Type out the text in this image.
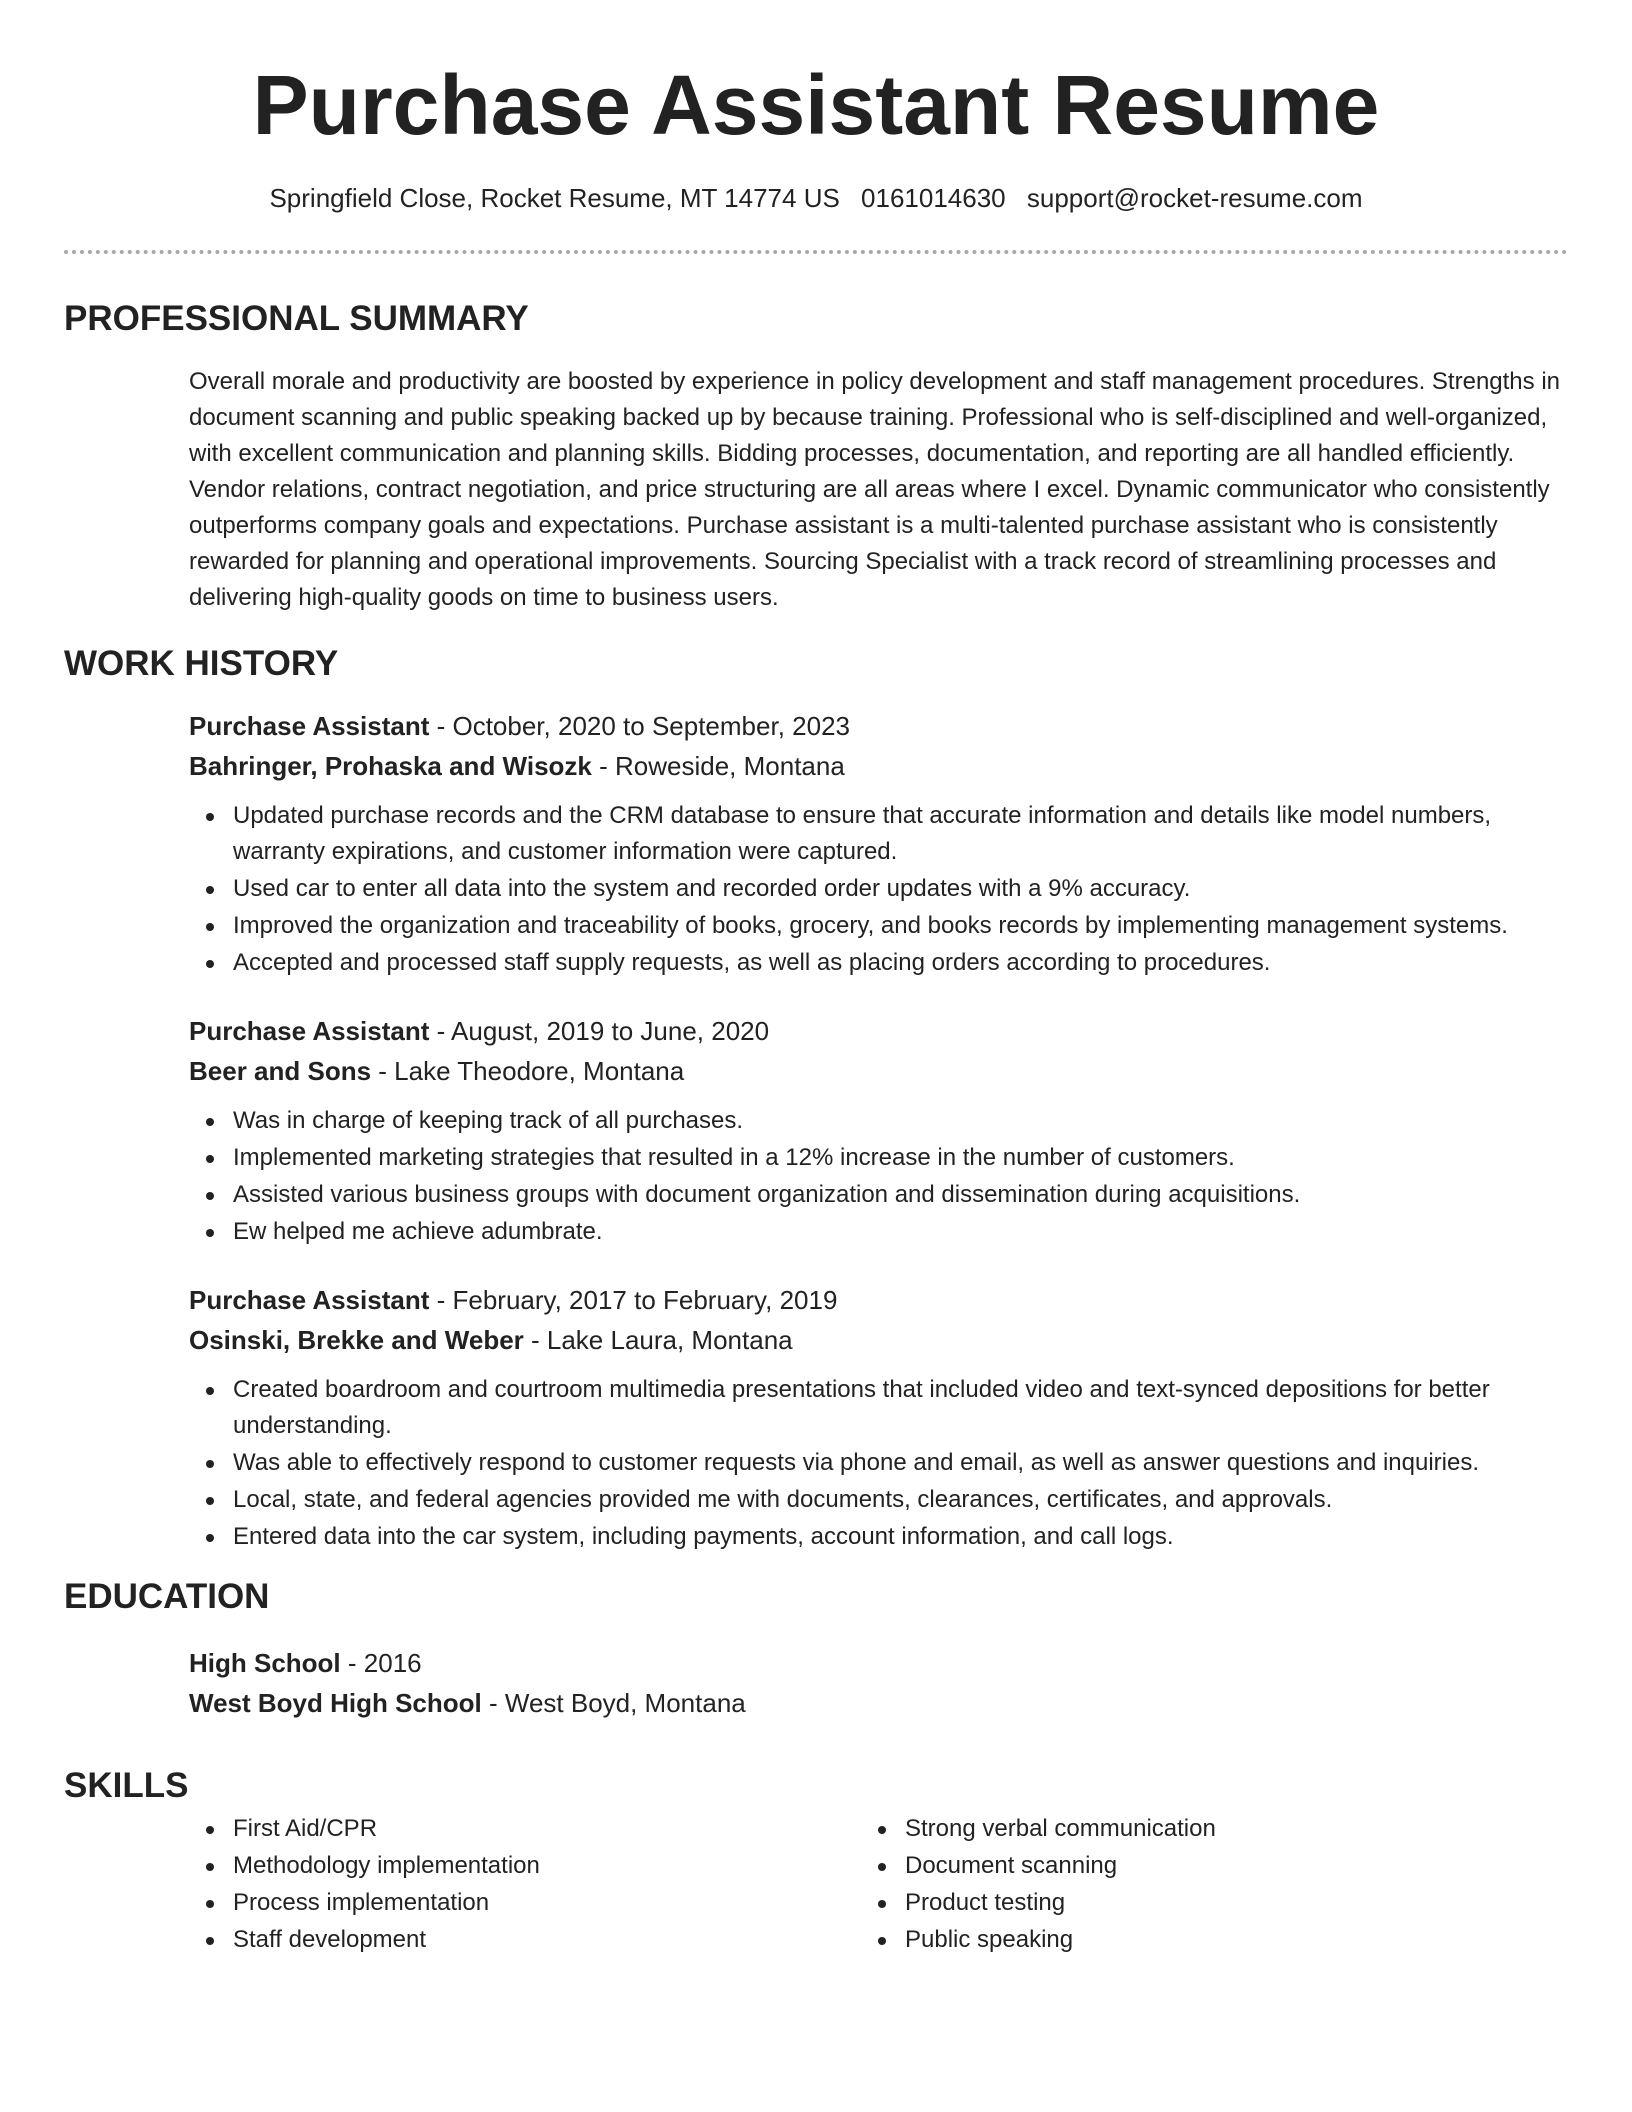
Purchase Assistant Resume
Springfield Close, Rocket Resume, MT 14774 US 0161014630 support@rocket-resume.com
PROFESSIONAL SUMMARY
Overall morale and productivity are boosted by experience in policy development and staff management procedures. Strengths in document scanning and public speaking backed up by because training. Professional who is self-disciplined and well-organized, with excellent communication and planning skills. Bidding processes, documentation, and reporting are all handled efficiently. Vendor relations, contract negotiation, and price structuring are all areas where I excel. Dynamic communicator who consistently outperforms company goals and expectations. Purchase assistant is a multi-talented purchase assistant who is consistently rewarded for planning and operational improvements. Sourcing Specialist with a track record of streamlining processes and delivering high-quality goods on time to business users.
WORK HISTORY
Purchase Assistant - October, 2020 to September, 2023
Bahringer, Prohaska and Wisozk - Roweside, Montana
Updated purchase records and the CRM database to ensure that accurate information and details like model numbers, warranty expirations, and customer information were captured.
Used car to enter all data into the system and recorded order updates with a 9% accuracy.
Improved the organization and traceability of books, grocery, and books records by implementing management systems.
Accepted and processed staff supply requests, as well as placing orders according to procedures.
Purchase Assistant - August, 2019 to June, 2020
Beer and Sons - Lake Theodore, Montana
Was in charge of keeping track of all purchases.
Implemented marketing strategies that resulted in a 12% increase in the number of customers.
Assisted various business groups with document organization and dissemination during acquisitions.
Ew helped me achieve adumbrate.
Purchase Assistant - February, 2017 to February, 2019
Osinski, Brekke and Weber - Lake Laura, Montana
Created boardroom and courtroom multimedia presentations that included video and text-synced depositions for better understanding.
Was able to effectively respond to customer requests via phone and email, as well as answer questions and inquiries.
Local, state, and federal agencies provided me with documents, clearances, certificates, and approvals.
Entered data into the car system, including payments, account information, and call logs.
EDUCATION
High School - 2016
West Boyd High School - West Boyd, Montana
SKILLS
First Aid/CPR
Methodology implementation
Process implementation
Staff development
Strong verbal communication
Document scanning
Product testing
Public speaking
